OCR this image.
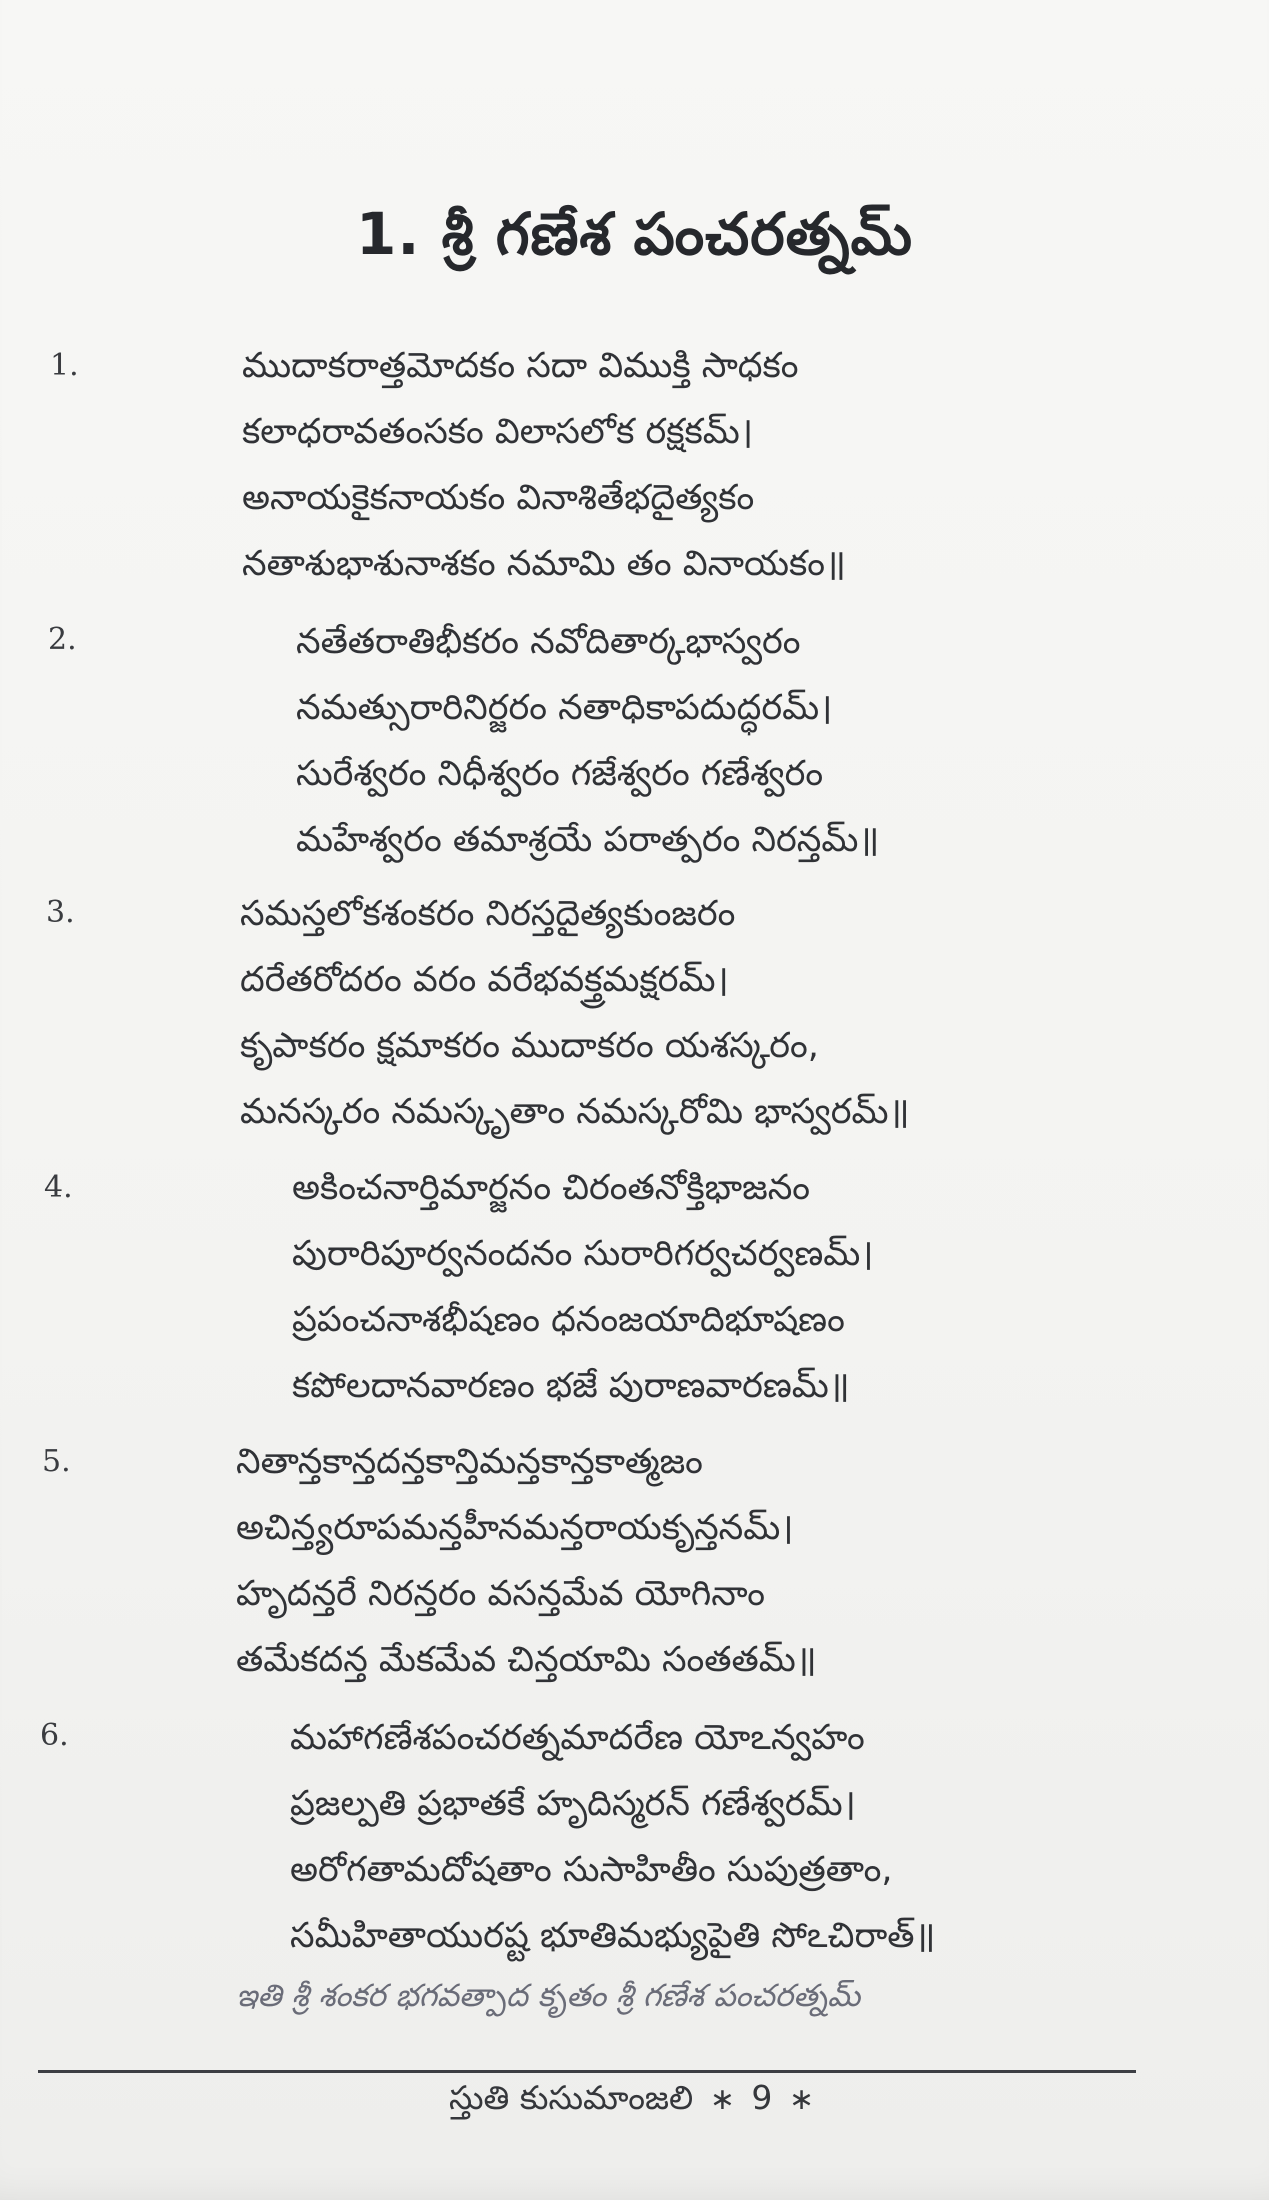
1. శ్రీ గణేశ పంచరత్నమ్
1.	ముదాకరాత్తమోదకం సదా విముక్తి సాధకం
కలాధరావతంసకం విలాసలోక రక్షకమ్।
అనాయకైకనాయకం వినాశితేభదైత్యకం
నతాశుభాశునాశకం నమామి తం వినాయకం॥
2.	నతేతరాతిభీకరం నవోదితార్కభాస్వరం
నమత్సురారినిర్జరం నతాధికాపదుద్ధరమ్।
సురేశ్వరం నిధీశ్వరం గజేశ్వరం గణేశ్వరం
మహేశ్వరం తమాశ్రయే పరాత్పరం నిరన్తమ్॥
3.	సమస్తలోకశంకరం నిరస్తదైత్యకుంజరం
దరేతరోదరం వరం వరేభవక్త్రమక్షరమ్।
కృపాకరం క్షమాకరం ముదాకరం యశస్కరం,
మనస్కరం నమస్కృతాం నమస్కరోమి భాస్వరమ్॥
4.	అకించనార్తిమార్జనం చిరంతనోక్తిభాజనం
పురారిపూర్వనందనం సురారిగర్వచర్వణమ్।
ప్రపంచనాశభీషణం ధనంజయాదిభూషణం
కపోలదానవారణం భజే పురాణవారణమ్॥
5.	నితాన్తకాన్తదన్తకాన్తిమన్తకాన్తకాత్మజం
అచిన్త్యరూపమన్తహీనమన్తరాయకృన్తనమ్।
హృదన్తరే నిరన్తరం వసన్తమేవ యోగినాం
తమేకదన్త మేకమేవ చిన్తయామి సంతతమ్॥
6.	మహాగణేశపంచరత్నమాదరేణ యోఽన్వహం
ప్రజల్పతి ప్రభాతకే హృదిస్మరన్ గణేశ్వరమ్।
అరోగతామదోషతాం సుసాహితీం సుపుత్రతాం,
సమీహితాయురష్ట భూతిమభ్యుపైతి సోఽచిరాత్॥
ఇతి శ్రీ శంకర భగవత్పాద కృతం శ్రీ గణేశ పంచరత్నమ్
స్తుతి కుసుమాంజలి ∗ 9 ∗
